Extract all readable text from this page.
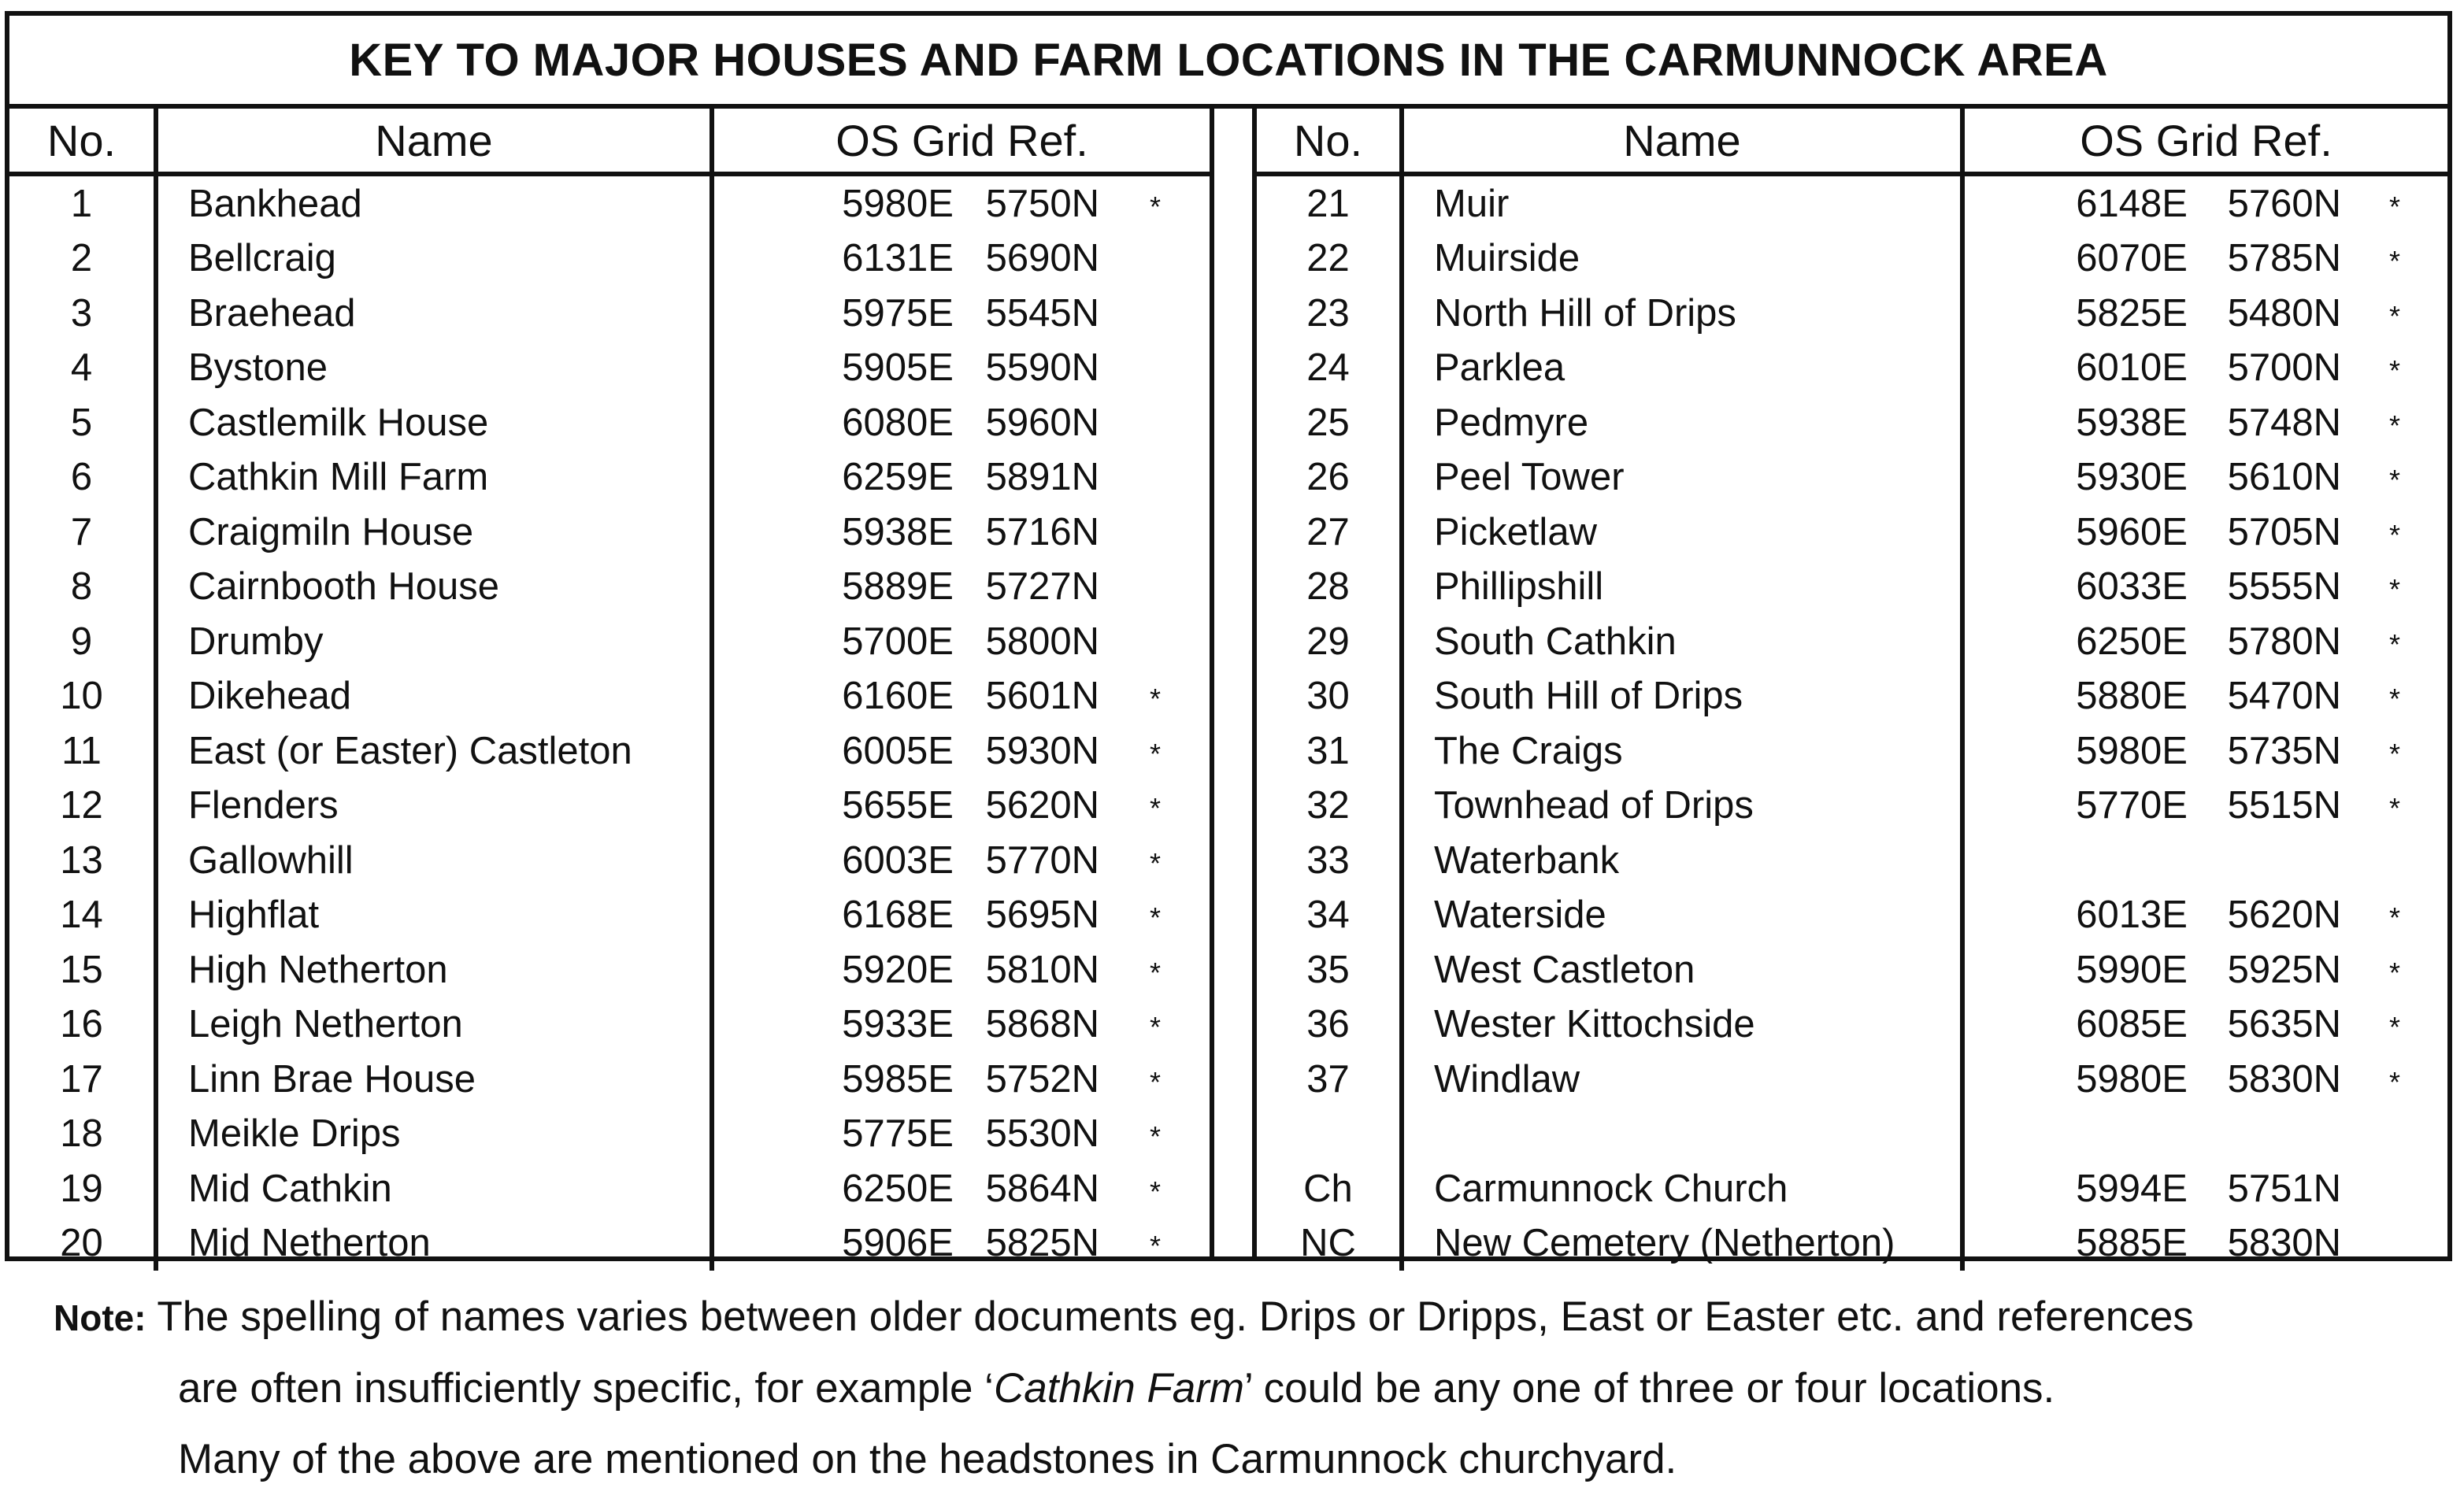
KEY TO MAJOR HOUSES AND FARM LOCATIONS IN THE CARMUNNOCK AREA
No.	Name	OS Grid Ref.
1	Bankhead	5980E 5750N *

2	Bellcraig	6131E 5690N

3	Braehead	5975E 5545N

4	Bystone	5905E 5590N

5	Castlemilk House	6080E 5960N

6	Cathkin Mill Farm	6259E 5891N

7	Craigmiln House	5938E 5716N

8	Cairnbooth House	5889E 5727N

9	Drumby	5700E 5800N

10	Dikehead	6160E 5601N *

11	East (or Easter) Castleton	6005E 5930N *

12	Flenders	5655E 5620N *

13	Gallowhill	6003E 5770N *

14	Highflat	6168E 5695N *

15	High Netherton	5920E 5810N *

16	Leigh Netherton	5933E 5868N *

17	Linn Brae House	5985E 5752N *

18	Meikle Drips	5775E 5530N *

19	Mid Cathkin	6250E 5864N *

20	Mid Netherton	5906E 5825N *
No.	Name	OS Grid Ref.
21	Muir	6148E 5760N *

22	Muirside	6070E 5785N *

23	North Hill of Drips	5825E 5480N *

24	Parklea	6010E 5700N *

25	Pedmyre	5938E 5748N *

26	Peel Tower	5930E 5610N *

27	Picketlaw	5960E 5705N *

28	Phillipshill	6033E 5555N *

29	South Cathkin	6250E 5780N *

30	South Hill of Drips	5880E 5470N *

31	The Craigs	5980E 5735N *

32	Townhead of Drips	5770E 5515N *

33	Waterbank	

34	Waterside	6013E 5620N *

35	West Castleton	5990E 5925N *

36	Wester Kittochside	6085E 5635N *

37	Windlaw	5980E 5830N *

Ch	Carmunnock Church	5994E 5751N

NC	New Cemetery (Netherton)	5885E 5830N
Note: The spelling of names varies between older documents eg. Drips or Dripps, East or Easter etc. and references
are often insufficiently specific, for example ‘Cathkin Farm’ could be any one of three or four locations.
Many of the above are mentioned on the headstones in Carmunnock churchyard.
